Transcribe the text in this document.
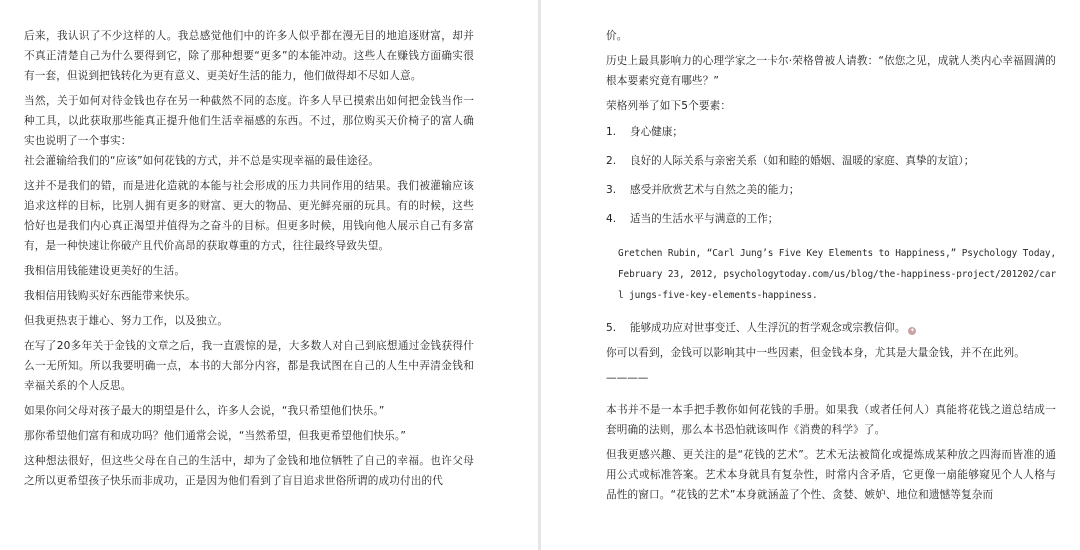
后来，我认识了不少这样的人。我总感觉他们中的许多人似乎都在漫无目的地追逐财富，却并不真正清楚自己为什么要得到它，除了那种想要“更多”的本能冲动。这些人在赚钱方面确实很有一套，但说到把钱转化为更有意义、更美好生活的能力，他们做得却不尽如人意。

当然，关于如何对待金钱也存在另一种截然不同的态度。许多人早已摸索出如何把金钱当作一种工具，以此获取那些能真正提升他们生活幸福感的东西。不过，那位购买天价椅子的富人确实也说明了一个事实：

社会灌输给我们的“应该”如何花钱的方式，并不总是实现幸福的最佳途径。

这并不是我们的错，而是进化造就的本能与社会形成的压力共同作用的结果。我们被灌输应该追求这样的目标，比别人拥有更多的财富、更大的物品、更光鲜亮丽的玩具。有的时候，这些恰好也是我们内心真正渴望并值得为之奋斗的目标。但更多时候，用钱向他人展示自己有多富有，是一种快速让你破产且代价高昂的获取尊重的方式，往往最终导致失望。

我相信用钱能建设更美好的生活。

我相信用钱购买好东西能带来快乐。

但我更热衷于雄心、努力工作，以及独立。

在写了20多年关于金钱的文章之后，我一直震惊的是，大多数人对自己到底想通过金钱获得什么一无所知。所以我要明确一点，本书的大部分内容，都是我试图在自己的人生中弄清金钱和幸福关系的个人反思。

如果你问父母对孩子最大的期望是什么，许多人会说，“我只希望他们快乐。”

那你希望他们富有和成功吗？他们通常会说，“当然希望，但我更希望他们快乐。”

这种想法很好，但这些父母在自己的生活中，却为了金钱和地位牺牲了自己的幸福。也许父母之所以更希望孩子快乐而非成功，正是因为他们看到了盲目追求世俗所谓的成功付出的代

价。

历史上最具影响力的心理学家之一卡尔·荣格曾被人请教：“依您之见，成就人类内心幸福圆满的根本要素究竟有哪些？”

荣格列举了如下5个要素：

1.	身心健康；
2.	良好的人际关系与亲密关系（如和睦的婚姻、温暖的家庭、真挚的友谊）；
3.	感受并欣赏艺术与自然之美的能力；
4.	适当的生活水平与满意的工作；
Gretchen Rubin, “Carl Jung’s Five Key Elements to Happiness,” Psychology Today,February 23, 2012, psychologytoday.com/us/blog/the-happiness-project/201202/carl jungs-five-key-elements-happiness.
5.	能够成功应对世事变迁、人生浮沉的哲学观念或宗教信仰。 ✦

你可以看到，金钱可以影响其中一些因素，但金钱本身，尤其是大量金钱，并不在此列。

————

本书并不是一本手把手教你如何花钱的手册。如果我（或者任何人）真能将花钱之道总结成一套明确的法则，那么本书恐怕就该叫作《消费的科学》了。

但我更感兴趣、更关注的是“花钱的艺术”。艺术无法被简化或提炼成某种放之四海而皆准的通用公式或标准答案。艺术本身就具有复杂性，时常内含矛盾，它更像一扇能够窥见个人人格与品性的窗口。“花钱的艺术”本身就涵盖了个性、贪婪、嫉妒、地位和遗憾等复杂而
